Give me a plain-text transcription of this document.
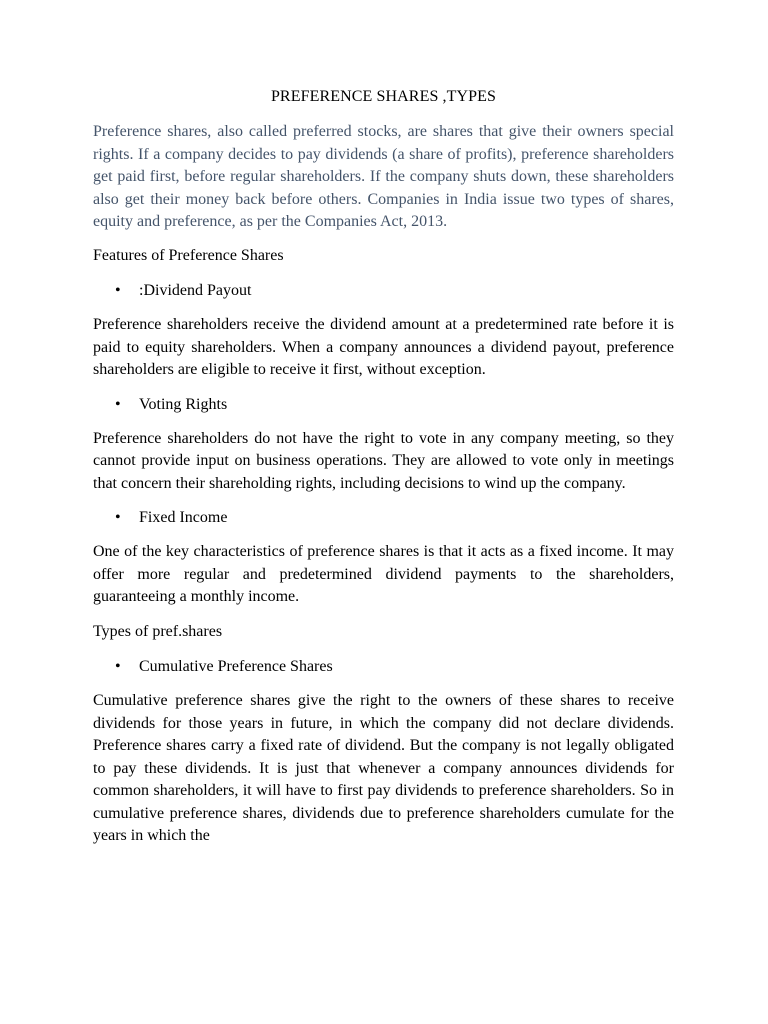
PREFERENCE SHARES ,TYPES

Preference shares, also called preferred stocks, are shares that give their owners special rights. If a company decides to pay dividends (a share of profits), preference shareholders get paid first, before regular shareholders. If the company shuts down, these shareholders also get their money back before others. Companies in India issue two types of shares, equity and preference, as per the Companies Act, 2013.

Features of Preference Shares

• :Dividend Payout

Preference shareholders receive the dividend amount at a predetermined rate before it is paid to equity shareholders. When a company announces a dividend payout, preference shareholders are eligible to receive it first, without exception.

• Voting Rights

Preference shareholders do not have the right to vote in any company meeting, so they cannot provide input on business operations. They are allowed to vote only in meetings that concern their shareholding rights, including decisions to wind up the company.

• Fixed Income

One of the key characteristics of preference shares is that it acts as a fixed income. It may offer more regular and predetermined dividend payments to the shareholders, guaranteeing a monthly income.

Types of pref.shares

• Cumulative Preference Shares

Cumulative preference shares give the right to the owners of these shares to receive dividends for those years in future, in which the company did not declare dividends. Preference shares carry a fixed rate of dividend. But the company is not legally obligated to pay these dividends. It is just that whenever a company announces dividends for common shareholders, it will have to first pay dividends to preference shareholders. So in cumulative preference shares, dividends due to preference shareholders cumulate for the years in which the
